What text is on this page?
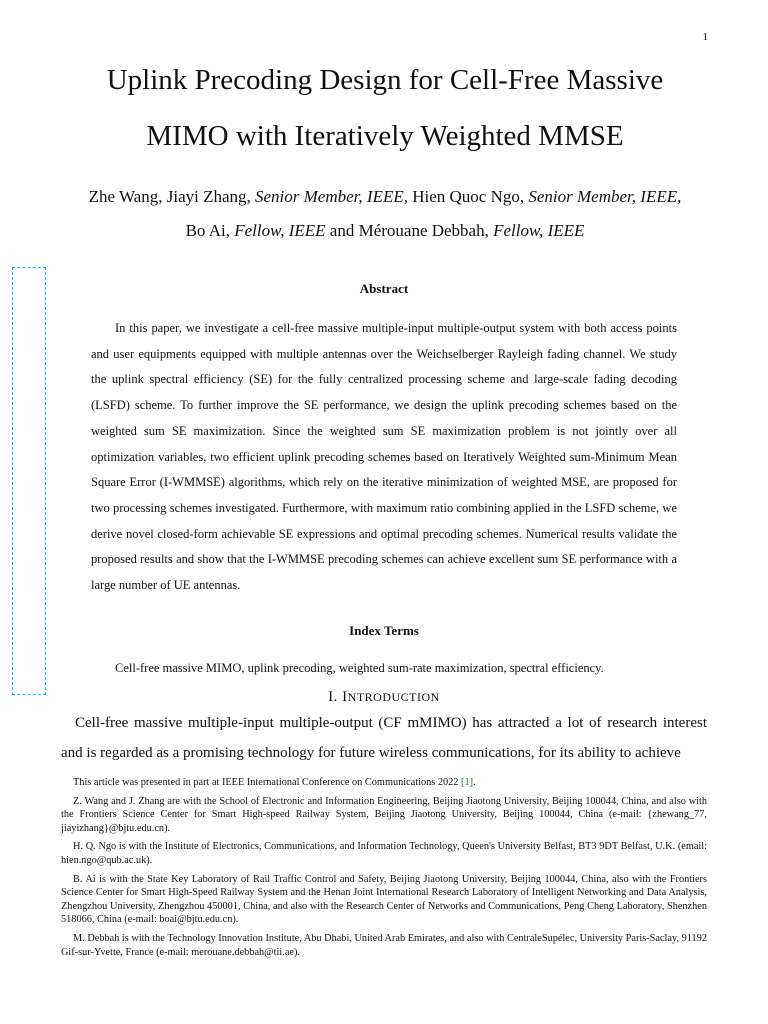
1
Uplink Precoding Design for Cell-Free Massive
MIMO with Iteratively Weighted MMSE
Zhe Wang, Jiayi Zhang, Senior Member, IEEE, Hien Quoc Ngo, Senior Member, IEEE,
Bo Ai, Fellow, IEEE and Mérouane Debbah, Fellow, IEEE
Abstract

In this paper, we investigate a cell-free massive multiple-input multiple-output system with both access points and user equipments equipped with multiple antennas over the Weichselberger Rayleigh fading channel. We study the uplink spectral efficiency (SE) for the fully centralized processing scheme and large-scale fading decoding (LSFD) scheme. To further improve the SE performance, we design the uplink precoding schemes based on the weighted sum SE maximization. Since the weighted sum SE maximization problem is not jointly over all optimization variables, two efficient uplink precoding schemes based on Iteratively Weighted sum-Minimum Mean Square Error (I-WMMSE) algorithms, which rely on the iterative minimization of weighted MSE, are proposed for two processing schemes investigated. Furthermore, with maximum ratio combining applied in the LSFD scheme, we derive novel closed-form achievable SE expressions and optimal precoding schemes. Numerical results validate the proposed results and show that the I-WMMSE precoding schemes can achieve excellent sum SE performance with a large number of UE antennas.

Index Terms

Cell-free massive MIMO, uplink precoding, weighted sum-rate maximization, spectral efficiency.

I. INTRODUCTION

Cell-free massive multiple-input multiple-output (CF mMIMO) has attracted a lot of research interest and is regarded as a promising technology for future wireless communications, for its ability to achieve

This article was presented in part at IEEE International Conference on Communications 2022 [1].

Z. Wang and J. Zhang are with the School of Electronic and Information Engineering, Beijing Jiaotong University, Beijing 100044, China, and also with the Frontiers Science Center for Smart High-speed Railway System, Beijing Jiaotong University, Beijing 100044, China (e-mail: {zhewang_77, jiayizhang}@bjtu.edu.cn).

H. Q. Ngo is with the Institute of Electronics, Communications, and Information Technology, Queen's University Belfast, BT3 9DT Belfast, U.K. (email: hien.ngo@qub.ac.uk).

B. Ai is with the State Key Laboratory of Rail Traffic Control and Safety, Beijing Jiaotong University, Beijing 100044, China, also with the Frontiers Science Center for Smart High-Speed Railway System and the Henan Joint International Research Laboratory of Intelligent Networking and Data Analysis, Zhengzhou University, Zhengzhou 450001, China, and also with the Research Center of Networks and Communications, Peng Cheng Laboratory, Shenzhen 518066, China (e-mail: boai@bjtu.edu.cn).

M. Debbah is with the Technology Innovation Institute, Abu Dhabi, United Arab Emirates, and also with CentraleSupélec, University Paris-Saclay, 91192 Gif-sur-Yvette, France (e-mail: merouane.debbah@tii.ae).
